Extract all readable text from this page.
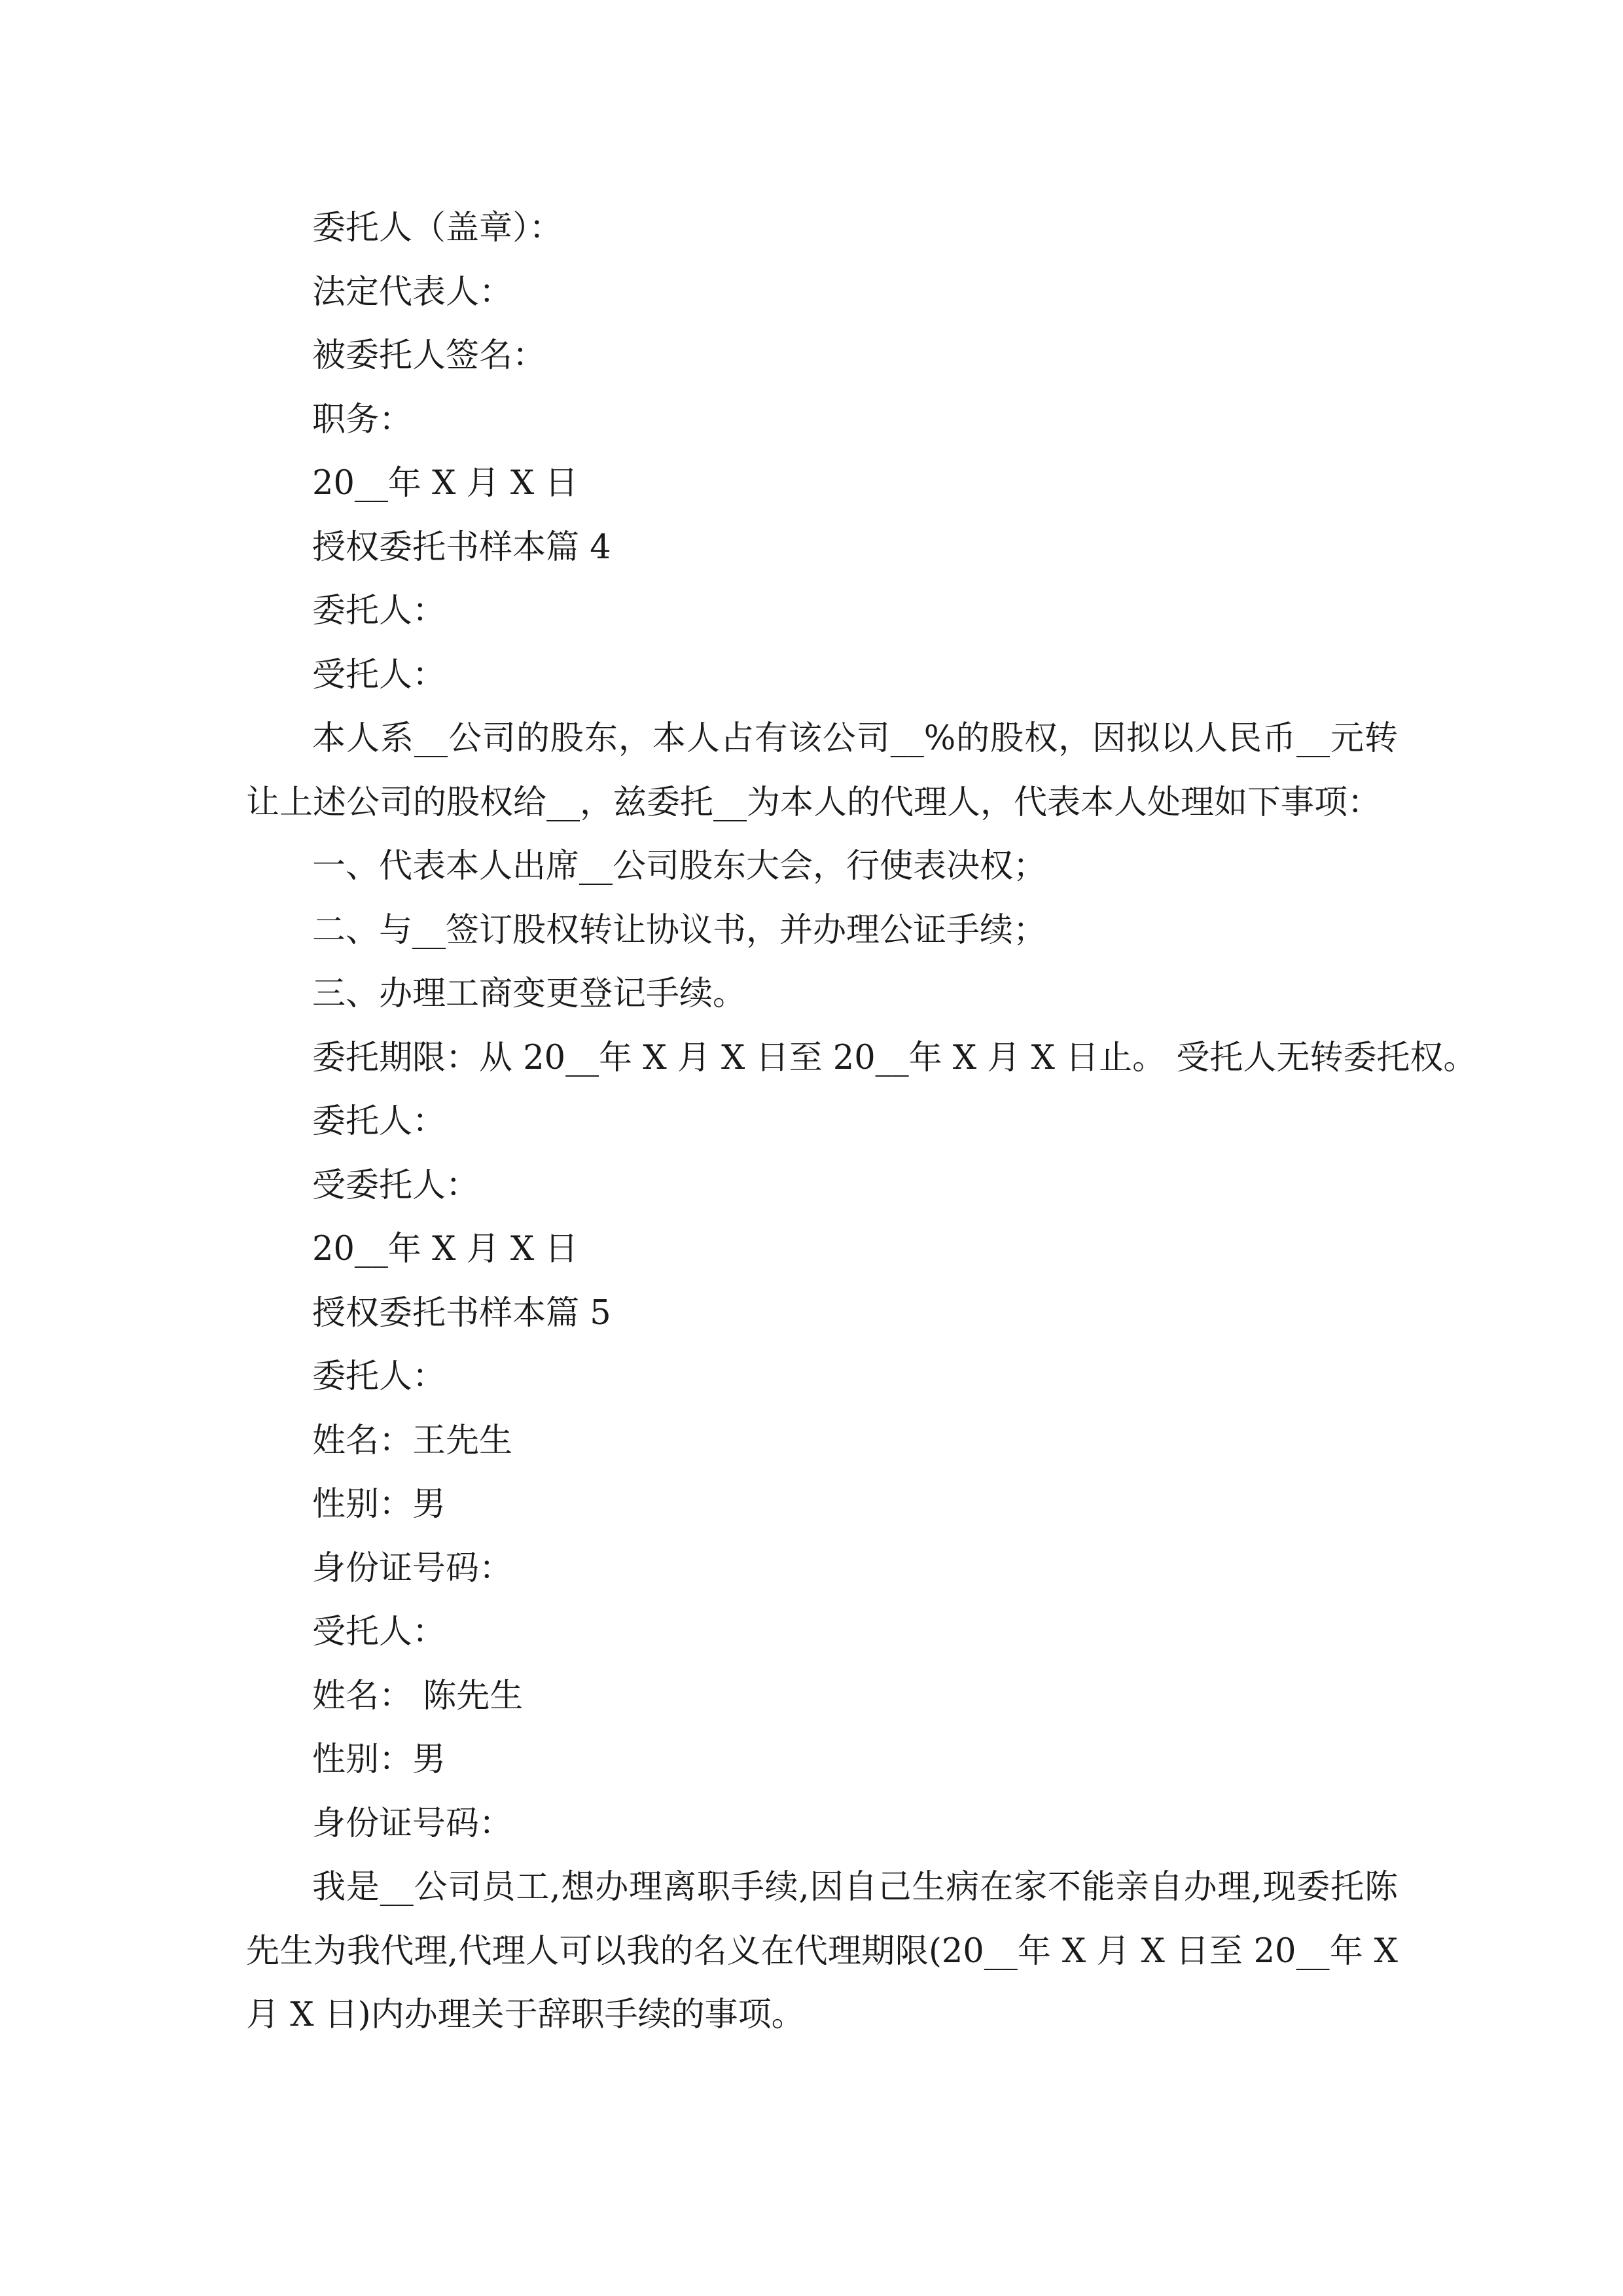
委托人（盖章）：
法定代表人：
被委托人签名：
职务：
20__年 X 月 X 日
授权委托书样本篇 4
委托人：
受托人：
本人系__公司的股东，本人占有该公司__%的股权，因拟以人民币__元转让上述公司的股权给__，兹委托__为本人的代理人，代表本人处理如下事项：
一、代表本人出席__公司股东大会，行使表决权；
二、与__签订股权转让协议书，并办理公证手续；
三、办理工商变更登记手续。
委托期限：从 20__年 X 月 X 日至 20__年 X 月 X 日止。 受托人无转委托权。
委托人：
受委托人：
20__年 X 月 X 日
授权委托书样本篇 5
委托人：
姓名：王先生
性别：男
身份证号码：
受托人：
姓名： 陈先生
性别：男
身份证号码：
我是__公司员工,想办理离职手续,因自己生病在家不能亲自办理,现委托陈先生为我代理,代理人可以我的名义在代理期限(20__年 X 月 X 日至 20__年 X 月 X 日)内办理关于辞职手续的事项。
